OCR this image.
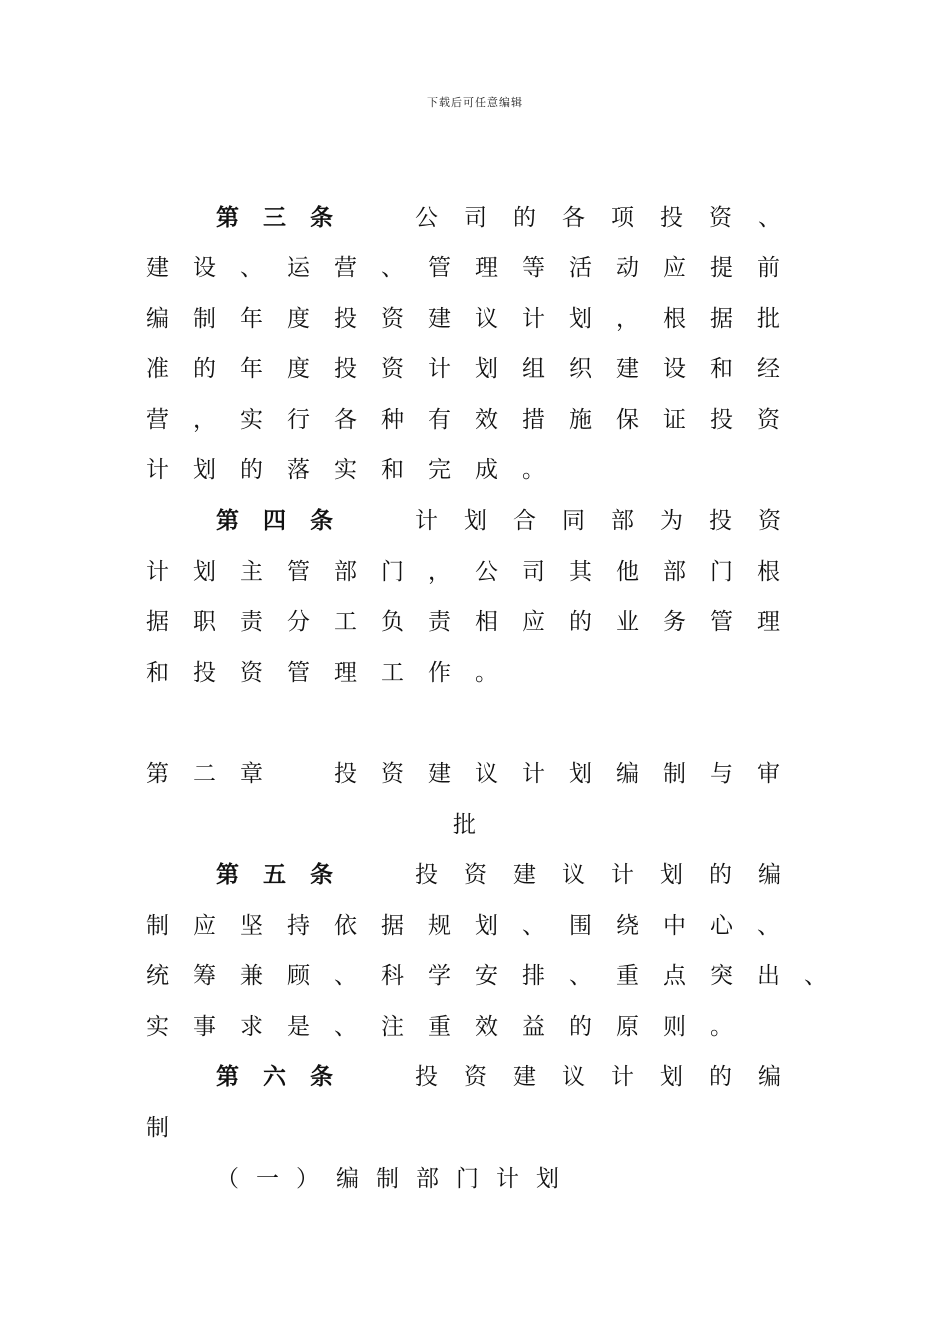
下载后可任意编辑
第三条	公司的各项投资、
建设、运营、管理等活动应提前
编制年度投资建议计划，根据批
准的年度投资计划组织建设和经
营，实行各种有效措施保证投资
计划的落实和完成。
第四条	计划合同部为投资
计划主管部门，公司其他部门根
据职责分工负责相应的业务管理
和投资管理工作。
第二章 投资建议计划编制与审
批
第五条	投资建议计划的编
制应坚持依据规划、围绕中心、
统筹兼顾、科学安排、重点突出、
实事求是、注重效益的原则。
第六条	投资建议计划的编
制
（一）编制部门计划
